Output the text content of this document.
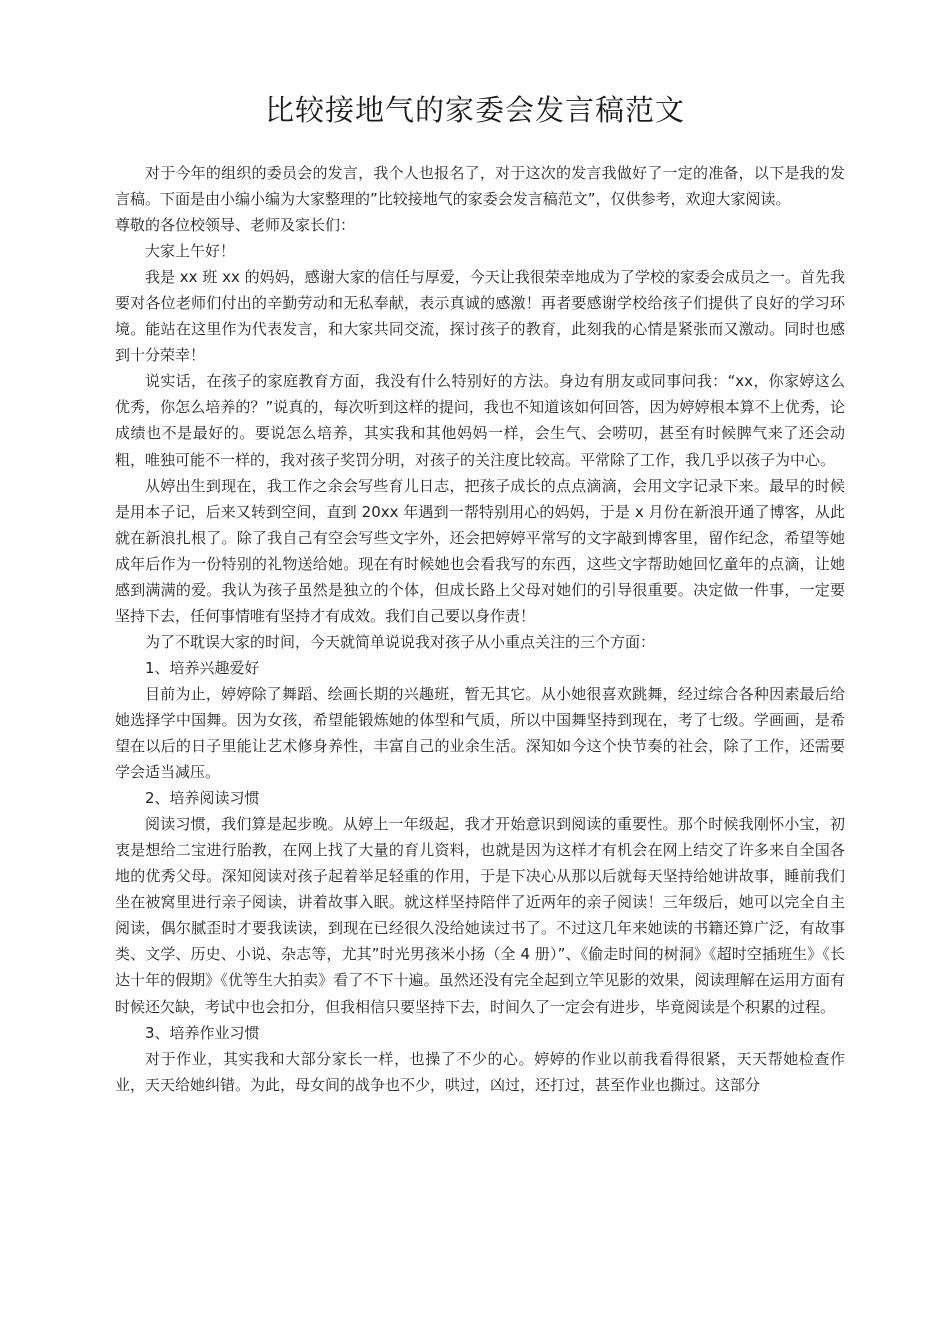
比较接地气的家委会发言稿范文

对于今年的组织的委员会的发言，我个人也报名了，对于这次的发言我做好了一定的准备，以下是我的发言稿。下面是由小编小编为大家整理的”比较接地气的家委会发言稿范文”，仅供参考，欢迎大家阅读。

尊敬的各位校领导、老师及家长们：

大家上午好！

我是 xx 班 xx 的妈妈，感谢大家的信任与厚爱，今天让我很荣幸地成为了学校的家委会成员之一。首先我要对各位老师们付出的辛勤劳动和无私奉献，表示真诚的感激！再者要感谢学校给孩子们提供了良好的学习环境。能站在这里作为代表发言，和大家共同交流，探讨孩子的教育，此刻我的心情是紧张而又激动。同时也感到十分荣幸！

说实话，在孩子的家庭教育方面，我没有什么特别好的方法。身边有朋友或同事问我：“xx，你家婷这么优秀，你怎么培养的？”说真的，每次听到这样的提问，我也不知道该如何回答，因为婷婷根本算不上优秀，论成绩也不是最好的。要说怎么培养，其实我和其他妈妈一样，会生气、会唠叨，甚至有时候脾气来了还会动粗，唯独可能不一样的，我对孩子奖罚分明，对孩子的关注度比较高。平常除了工作，我几乎以孩子为中心。

从婷出生到现在，我工作之余会写些育儿日志，把孩子成长的点点滴滴，会用文字记录下来。最早的时候是用本子记，后来又转到空间，直到 20xx 年遇到一帮特别用心的妈妈，于是 x 月份在新浪开通了博客，从此就在新浪扎根了。除了我自己有空会写些文字外，还会把婷婷平常写的文字敲到博客里，留作纪念，希望等她成年后作为一份特别的礼物送给她。现在有时候她也会看我写的东西，这些文字帮助她回忆童年的点滴，让她感到满满的爱。我认为孩子虽然是独立的个体，但成长路上父母对她们的引导很重要。决定做一件事，一定要坚持下去，任何事情唯有坚持才有成效。我们自己要以身作责！

为了不耽误大家的时间，今天就简单说说我对孩子从小重点关注的三个方面：

1、培养兴趣爱好

目前为止，婷婷除了舞蹈、绘画长期的兴趣班，暂无其它。从小她很喜欢跳舞，经过综合各种因素最后给她选择学中国舞。因为女孩，希望能锻炼她的体型和气质，所以中国舞坚持到现在，考了七级。学画画，是希望在以后的日子里能让艺术修身养性，丰富自己的业余生活。深知如今这个快节奏的社会，除了工作，还需要学会适当减压。

2、培养阅读习惯

阅读习惯，我们算是起步晚。从婷上一年级起，我才开始意识到阅读的重要性。那个时候我刚怀小宝，初衷是想给二宝进行胎教，在网上找了大量的育儿资料，也就是因为这样才有机会在网上结交了许多来自全国各地的优秀父母。深知阅读对孩子起着举足轻重的作用，于是下决心从那以后就每天坚持给她讲故事，睡前我们坐在被窝里进行亲子阅读，讲着故事入眠。就这样坚持陪伴了近两年的亲子阅读！三年级后，她可以完全自主阅读，偶尔腻歪时才要我读读，到现在已经很久没给她读过书了。不过这几年来她读的书籍还算广泛，有故事类、文学、历史、小说、杂志等，尤其”时光男孩米小扬（全 4 册）”、《偷走时间的树洞》《超时空插班生》《长达十年的假期》《优等生大拍卖》看了不下十遍。虽然还没有完全起到立竿见影的效果，阅读理解在运用方面有时候还欠缺，考试中也会扣分，但我相信只要坚持下去，时间久了一定会有进步，毕竟阅读是个积累的过程。

3、培养作业习惯

对于作业，其实我和大部分家长一样，也操了不少的心。婷婷的作业以前我看得很紧，天天帮她检查作业，天天给她纠错。为此，母女间的战争也不少，哄过，凶过，还打过，甚至作业也撕过。这部分
